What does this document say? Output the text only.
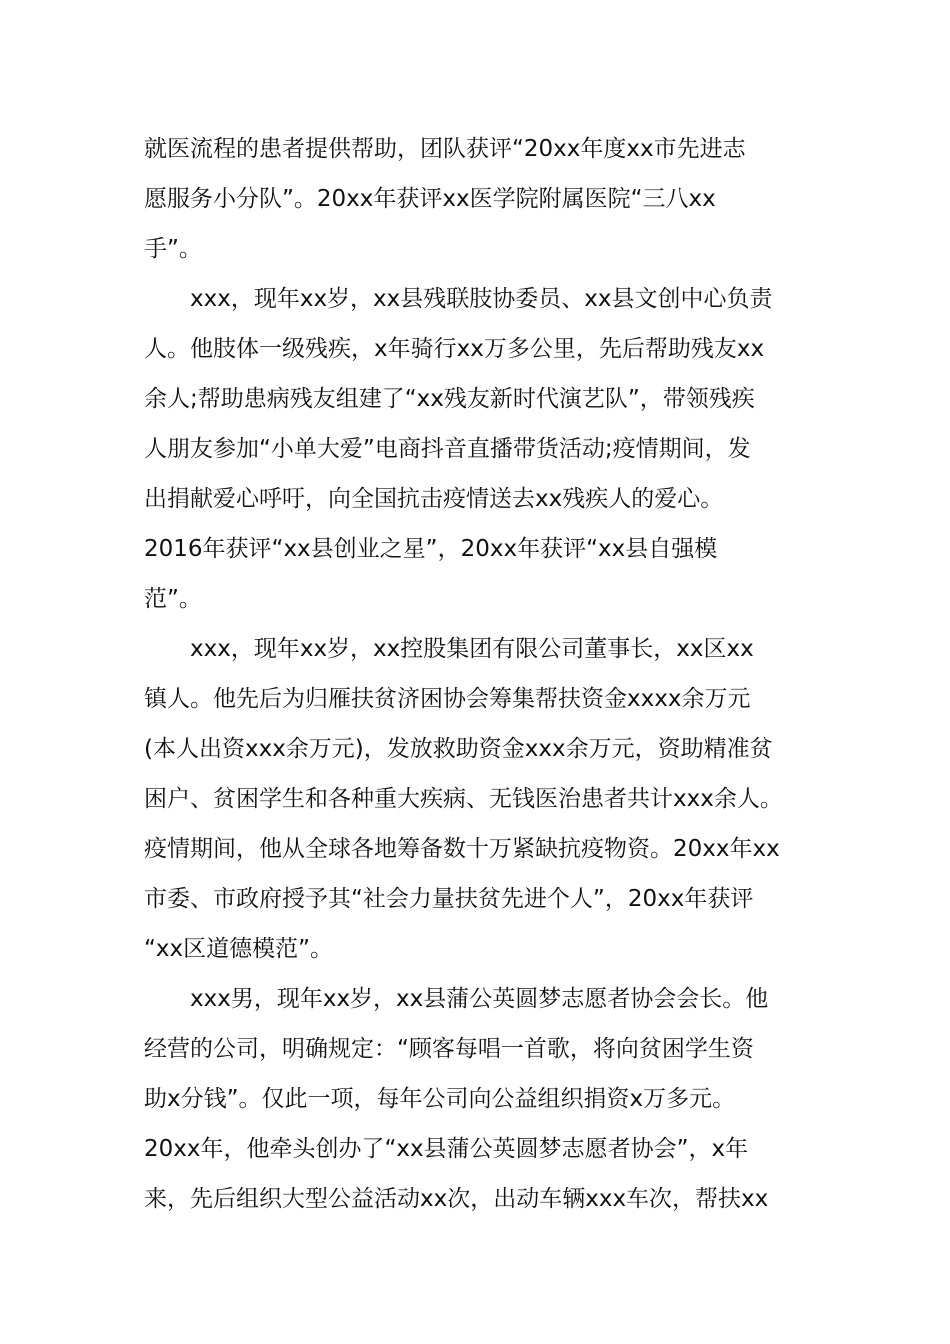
就医流程的患者提供帮助，团队获评“20xx年度xx市先进志
愿服务小分队”。20xx年获评xx医学院附属医院“三八xx
手”。
　　xxx，现年xx岁，xx县残联肢协委员、xx县文创中心负责
人。他肢体一级残疾，x年骑行xx万多公里，先后帮助残友xx
余人;帮助患病残友组建了“xx残友新时代演艺队”，带领残疾
人朋友参加“小单大爱”电商抖音直播带货活动;疫情期间，发
出捐献爱心呼吁，向全国抗击疫情送去xx残疾人的爱心。
2016年获评“xx县创业之星”，20xx年获评“xx县自强模
范”。
　　xxx，现年xx岁，xx控股集团有限公司董事长，xx区xx
镇人。他先后为归雁扶贫济困协会筹集帮扶资金xxxx余万元
(本人出资xxx余万元)，发放救助资金xxx余万元，资助精准贫
困户、贫困学生和各种重大疾病、无钱医治患者共计xxx余人。
疫情期间，他从全球各地筹备数十万紧缺抗疫物资。20xx年xx
市委、市政府授予其“社会力量扶贫先进个人”，20xx年获评
“xx区道德模范”。
　　xxx男，现年xx岁，xx县蒲公英圆梦志愿者协会会长。他
经营的公司，明确规定：“顾客每唱一首歌，将向贫困学生资
助x分钱”。仅此一项，每年公司向公益组织捐资x万多元。
20xx年，他牵头创办了“xx县蒲公英圆梦志愿者协会”，x年
来，先后组织大型公益活动xx次，出动车辆xxx车次，帮扶xx
